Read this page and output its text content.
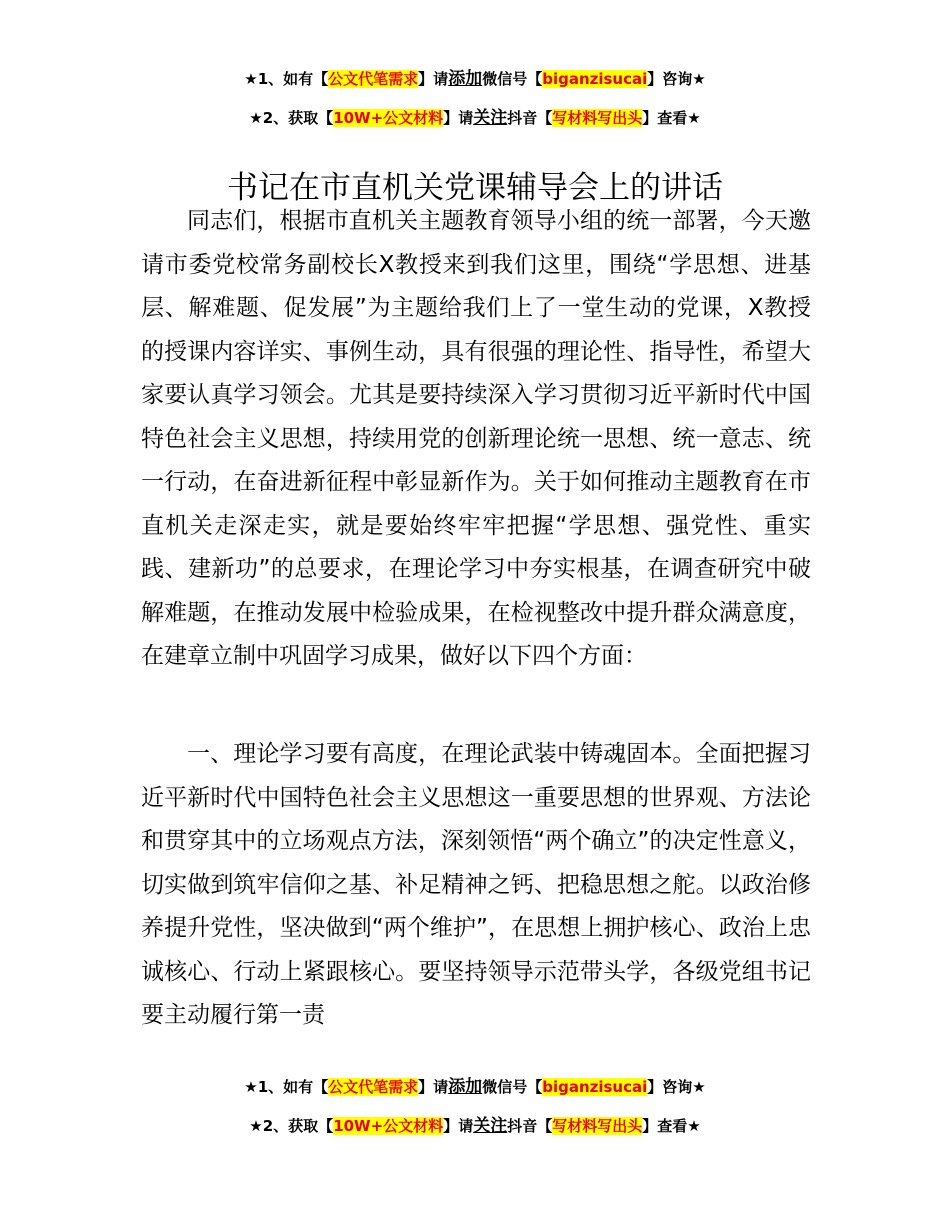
★1、如有【公文代笔需求】请添加微信号【biganzisucai】咨询★
★2、获取【10W+公文材料】请关注抖音【写材料写出头】查看★
书记在市直机关党课辅导会上的讲话

同志们，根据市直机关主题教育领导小组的统一部署，今天邀请市委党校常务副校长X教授来到我们这里，围绕“学思想、进基层、解难题、促发展”为主题给我们上了一堂生动的党课，X教授的授课内容详实、事例生动，具有很强的理论性、指导性，希望大家要认真学习领会。尤其是要持续深入学习贯彻习近平新时代中国特色社会主义思想，持续用党的创新理论统一思想、统一意志、统一行动，在奋进新征程中彰显新作为。关于如何推动主题教育在市直机关走深走实，就是要始终牢牢把握“学思想、强党性、重实践、建新功”的总要求，在理论学习中夯实根基，在调查研究中破解难题，在推动发展中检验成果，在检视整改中提升群众满意度，在建章立制中巩固学习成果，做好以下四个方面：

一、理论学习要有高度，在理论武装中铸魂固本。全面把握习近平新时代中国特色社会主义思想这一重要思想的世界观、方法论和贯穿其中的立场观点方法，深刻领悟“两个确立”的决定性意义，切实做到筑牢信仰之基、补足精神之钙、把稳思想之舵。以政治修养提升党性，坚决做到“两个维护”，在思想上拥护核心、政治上忠诚核心、行动上紧跟核心。要坚持领导示范带头学，各级党组书记要主动履行第一责

★1、如有【公文代笔需求】请添加微信号【biganzisucai】咨询★
★2、获取【10W+公文材料】请关注抖音【写材料写出头】查看★
